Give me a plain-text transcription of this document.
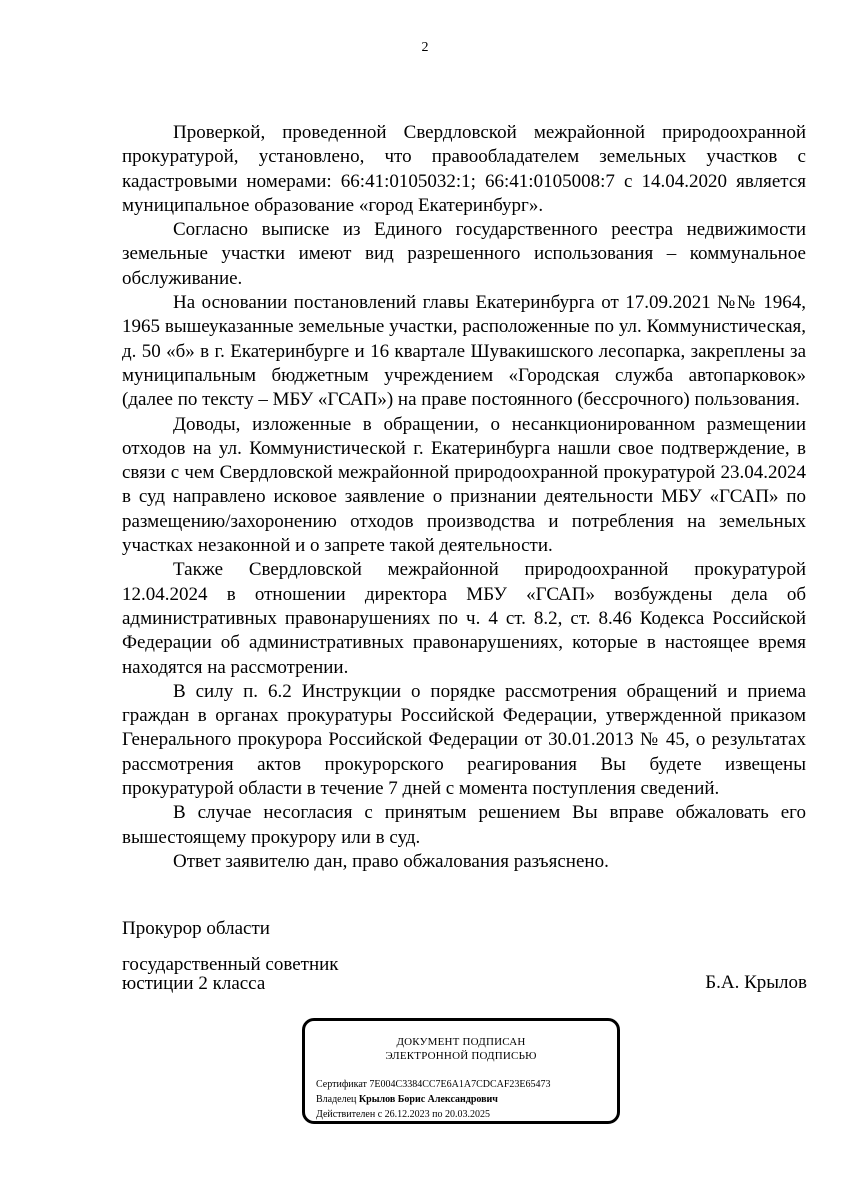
2

Проверкой, проведенной Свердловской межрайонной природоохранной прокуратурой, установлено, что правообладателем земельных участков с кадастровыми номерами: 66:41:0105032:1; 66:41:0105008:7 с 14.04.2020 является муниципальное образование «город Екатеринбург».

Согласно выписке из Единого государственного реестра недвижимости земельные участки имеют вид разрешенного использования – коммунальное обслуживание.

На основании постановлений главы Екатеринбурга от 17.09.2021 №№ 1964, 1965 вышеуказанные земельные участки, расположенные по ул. Коммунистическая, д. 50 «б» в г. Екатеринбурге и 16 квартале Шувакишского лесопарка, закреплены за муниципальным бюджетным учреждением «Городская служба автопарковок» (далее по тексту – МБУ «ГСАП») на праве постоянного (бессрочного) пользования.

Доводы, изложенные в обращении, о несанкционированном размещении отходов на ул. Коммунистической г. Екатеринбурга нашли свое подтверждение, в связи с чем Свердловской межрайонной природоохранной прокуратурой 23.04.2024 в суд направлено исковое заявление о признании деятельности МБУ «ГСАП» по размещению/захоронению отходов производства и потребления на земельных участках незаконной и о запрете такой деятельности.

Также Свердловской межрайонной природоохранной прокуратурой 12.04.2024 в отношении директора МБУ «ГСАП» возбуждены дела об административных правонарушениях по ч. 4 ст. 8.2, ст. 8.46 Кодекса Российской Федерации об административных правонарушениях, которые в настоящее время находятся на рассмотрении.

В силу п. 6.2 Инструкции о порядке рассмотрения обращений и приема граждан в органах прокуратуры Российской Федерации, утвержденной приказом Генерального прокурора Российской Федерации от 30.01.2013 № 45, о результатах рассмотрения актов прокурорского реагирования Вы будете извещены прокуратурой области в течение 7 дней с момента поступления сведений.

В случае несогласия с принятым решением Вы вправе обжаловать его вышестоящему прокурору или в суд.

Ответ заявителю дан, право обжалования разъяснено.

Прокурор области
государственный советник
юстиции 2 класса	Б.А. Крылов
ДОКУМЕНТ ПОДПИСАН
ЭЛЕКТРОННОЙ ПОДПИСЬЮ
Сертификат 7E004C3384CC7E6A1A7CDCAF23E65473
Владелец Крылов Борис Александрович
Действителен с 26.12.2023 по 20.03.2025
